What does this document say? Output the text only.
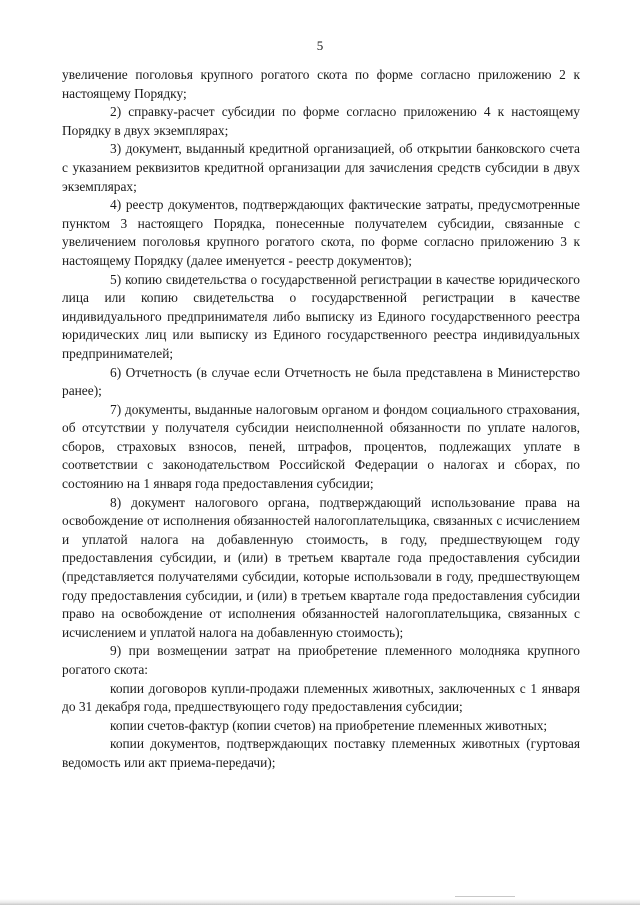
5

увеличение поголовья крупного рогатого скота по форме согласно приложению 2 к настоящему Порядку;

2) справку-расчет субсидии по форме согласно приложению 4 к настоящему Порядку в двух экземплярах;

3) документ, выданный кредитной организацией, об открытии банковского счета с указанием реквизитов кредитной организации для зачисления средств субсидии в двух экземплярах;

4) реестр документов, подтверждающих фактические затраты, предусмотренные пунктом 3 настоящего Порядка, понесенные получателем субсидии, связанные с увеличением поголовья крупного рогатого скота, по форме согласно приложению 3 к настоящему Порядку (далее именуется - реестр документов);

5) копию свидетельства о государственной регистрации в качестве юридического лица или копию свидетельства о государственной регистрации в качестве индивидуального предпринимателя либо выписку из Единого государственного реестра юридических лиц или выписку из Единого государственного реестра индивидуальных предпринимателей;

6) Отчетность (в случае если Отчетность не была представлена в Министерство ранее);

7) документы, выданные налоговым органом и фондом социального страхования, об отсутствии у получателя субсидии неисполненной обязанности по уплате налогов, сборов, страховых взносов, пеней, штрафов, процентов, подлежащих уплате в соответствии с законодательством Российской Федерации о налогах и сборах, по состоянию на 1 января года предоставления субсидии;

8) документ налогового органа, подтверждающий использование права на освобождение от исполнения обязанностей налогоплательщика, связанных с исчислением и уплатой налога на добавленную стоимость, в году, предшествующем году предоставления субсидии, и (или) в третьем квартале года предоставления субсидии (представляется получателями субсидии, которые использовали в году, предшествующем году предоставления субсидии, и (или) в третьем квартале года предоставления субсидии право на освобождение от исполнения обязанностей налогоплательщика, связанных с исчислением и уплатой налога на добавленную стоимость);

9) при возмещении затрат на приобретение племенного молодняка крупного рогатого скота:

копии договоров купли-продажи племенных животных, заключенных с 1 января до 31 декабря года, предшествующего году предоставления субсидии;

копии счетов-фактур (копии счетов) на приобретение племенных животных;

копии документов, подтверждающих поставку племенных животных (гуртовая ведомость или акт приема-передачи);
